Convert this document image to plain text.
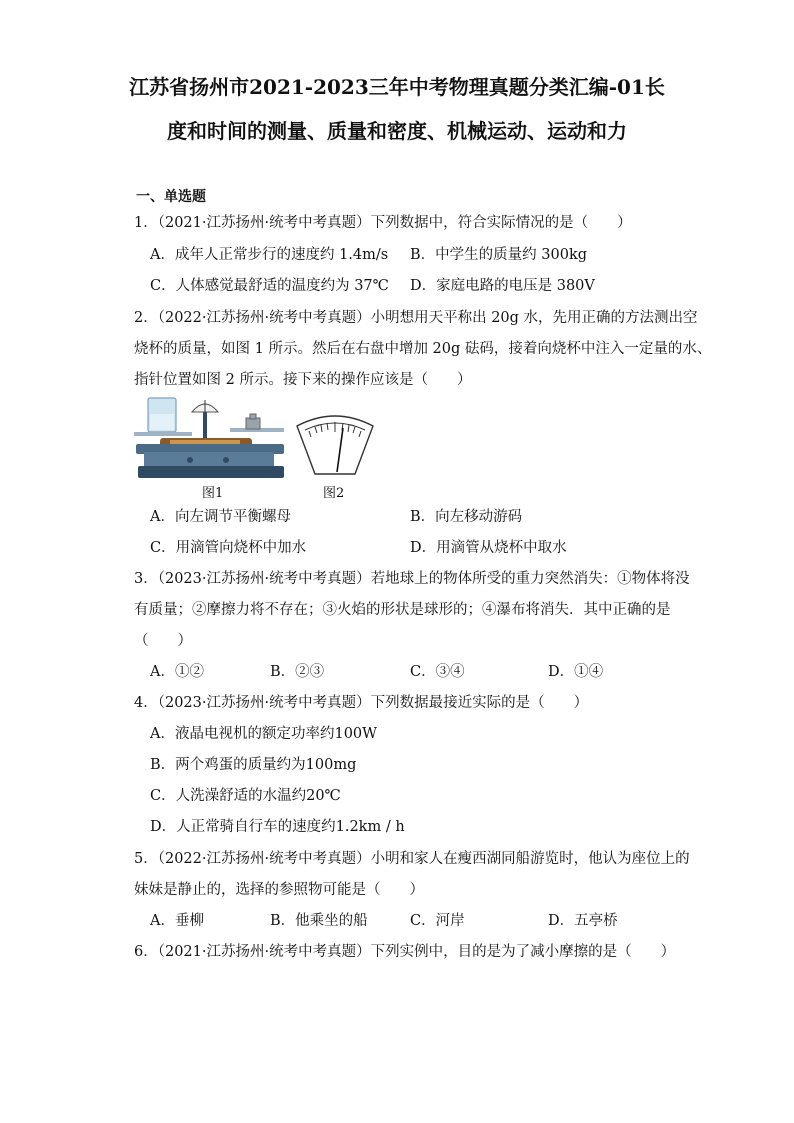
江苏省扬州市2021-2023三年中考物理真题分类汇编-01长
度和时间的测量、质量和密度、机械运动、运动和力
一、单选题
1．（2021·江苏扬州·统考中考真题）下列数据中，符合实际情况的是（　　）
A．成年人正常步行的速度约 1.4m/s B．中学生的质量约 300kg
C．人体感觉最舒适的温度约为 37℃ D．家庭电路的电压是 380V
2．（2022·江苏扬州·统考中考真题）小明想用天平称出 20g 水，先用正确的方法测出空
烧杯的质量，如图 1 所示。然后在右盘中增加 20g 砝码，接着向烧杯中注入一定量的水、
指针位置如图 2 所示。接下来的操作应该是（　　）
图1	图2
A．向左调节平衡螺母	B．向左移动游码
C．用滴管向烧杯中加水	D．用滴管从烧杯中取水
3．（2023·江苏扬州·统考中考真题）若地球上的物体所受的重力突然消失：①物体将没
有质量；②摩擦力将不存在；③火焰的形状是球形的；④瀑布将消失．其中正确的是
（　　）
A．①②	B．②③	C．③④	D．①④
4．（2023·江苏扬州·统考中考真题）下列数据最接近实际的是（　　）
A．液晶电视机的额定功率约100W
B．两个鸡蛋的质量约为100mg
C．人洗澡舒适的水温约20℃
D．人正常骑自行车的速度约1.2km / h
5．（2022·江苏扬州·统考中考真题）小明和家人在瘦西湖同船游览时，他认为座位上的
妹妹是静止的，选择的参照物可能是（　　）
A．垂柳	B．他乘坐的船	C．河岸	D．五亭桥
6．（2021·江苏扬州·统考中考真题）下列实例中，目的是为了减小摩擦的是（　　）
